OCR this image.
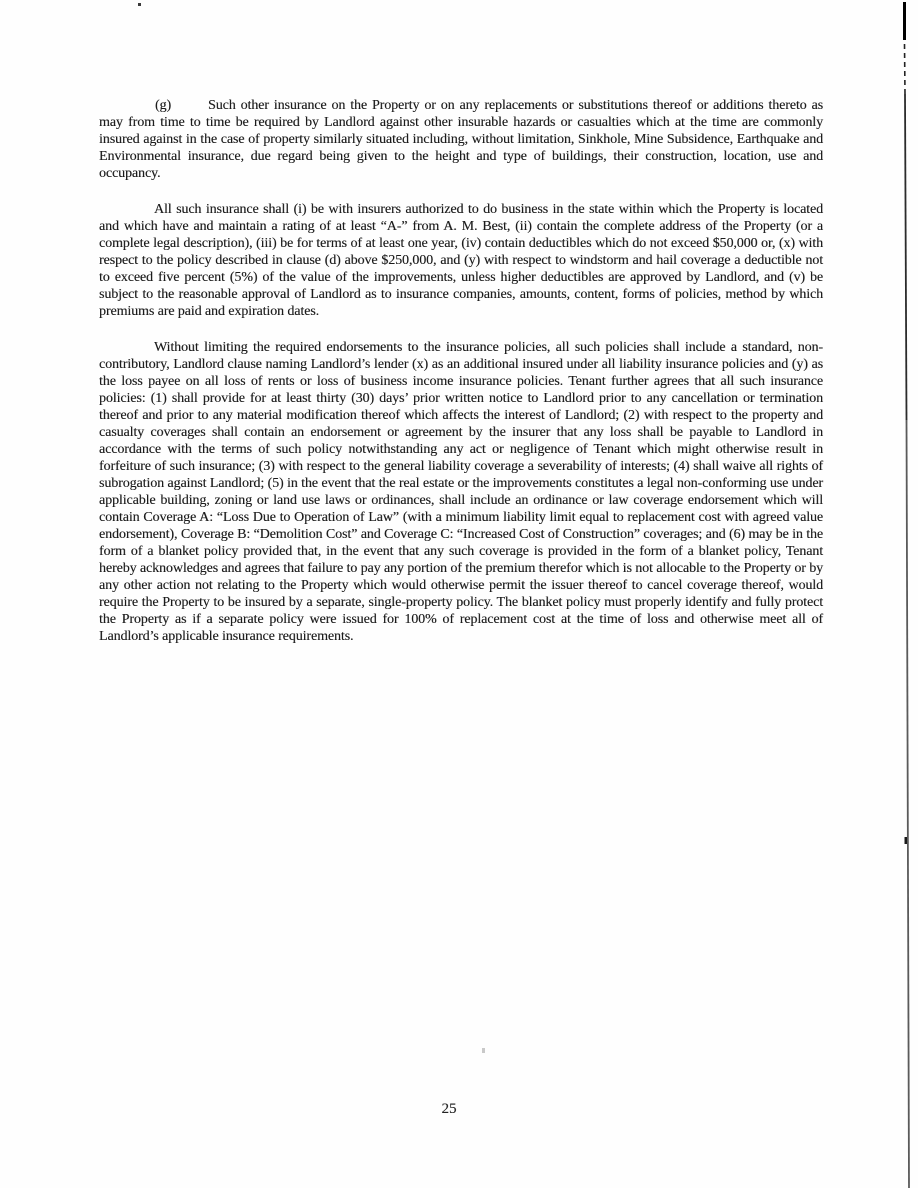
(g)	Such other insurance on the Property or on any replacements or substitutions thereof or additions thereto as may from time to time be required by Landlord against other insurable hazards or casualties which at the time are commonly insured against in the case of property similarly situated including, without limitation, Sinkhole, Mine Subsidence, Earthquake and Environmental insurance, due regard being given to the height and type of buildings, their construction, location, use and occupancy.

All such insurance shall (i) be with insurers authorized to do business in the state within which the Property is located and which have and maintain a rating of at least “A-” from A. M. Best, (ii) contain the complete address of the Property (or a complete legal description), (iii) be for terms of at least one year, (iv) contain deductibles which do not exceed $50,000 or, (x) with respect to the policy described in clause (d) above $250,000, and (y) with respect to windstorm and hail coverage a deductible not to exceed five percent (5%) of the value of the improvements, unless higher deductibles are approved by Landlord, and (v) be subject to the reasonable approval of Landlord as to insurance companies, amounts, content, forms of policies, method by which premiums are paid and expiration dates.

Without limiting the required endorsements to the insurance policies, all such policies shall include a standard, non-contributory, Landlord clause naming Landlord’s lender (x) as an additional insured under all liability insurance policies and (y) as the loss payee on all loss of rents or loss of business income insurance policies. Tenant further agrees that all such insurance policies: (1) shall provide for at least thirty (30) days’ prior written notice to Landlord prior to any cancellation or termination thereof and prior to any material modification thereof which affects the interest of Landlord; (2) with respect to the property and casualty coverages shall contain an endorsement or agreement by the insurer that any loss shall be payable to Landlord in accordance with the terms of such policy notwithstanding any act or negligence of Tenant which might otherwise result in forfeiture of such insurance; (3) with respect to the general liability coverage a severability of interests; (4) shall waive all rights of subrogation against Landlord; (5) in the event that the real estate or the improvements constitutes a legal non-conforming use under applicable building, zoning or land use laws or ordinances, shall include an ordinance or law coverage endorsement which will contain Coverage A: “Loss Due to Operation of Law” (with a minimum liability limit equal to replacement cost with agreed value endorsement), Coverage B: “Demolition Cost” and Coverage C: “Increased Cost of Construction” coverages; and (6) may be in the form of a blanket policy provided that, in the event that any such coverage is provided in the form of a blanket policy, Tenant hereby acknowledges and agrees that failure to pay any portion of the premium therefor which is not allocable to the Property or by any other action not relating to the Property which would otherwise permit the issuer thereof to cancel coverage thereof, would require the Property to be insured by a separate, single-property policy. The blanket policy must properly identify and fully protect the Property as if a separate policy were issued for 100% of replacement cost at the time of loss and otherwise meet all of Landlord’s applicable insurance requirements.

25
